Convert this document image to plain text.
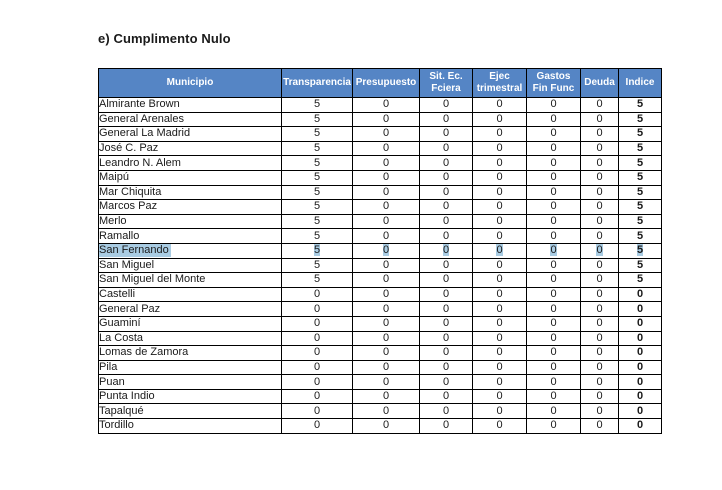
e) Cumplimento Nulo
Municipio	Transparencia	Presupuesto	Sit. Ec. Fciera	Ejec trimestral	Gastos Fin Func	Deuda	Indice
Almirante Brown	5	0	0	0	0	0	5
General Arenales	5	0	0	0	0	0	5
General La Madrid	5	0	0	0	0	0	5
José C. Paz	5	0	0	0	0	0	5
Leandro N. Alem	5	0	0	0	0	0	5
Maipú	5	0	0	0	0	0	5
Mar Chiquita	5	0	0	0	0	0	5
Marcos Paz	5	0	0	0	0	0	5
Merlo	5	0	0	0	0	0	5
Ramallo	5	0	0	0	0	0	5
San Fernando	5	0	0	0	0	0	5
San Miguel	5	0	0	0	0	0	5
San Miguel del Monte	5	0	0	0	0	0	5
Castelli	0	0	0	0	0	0	0
General Paz	0	0	0	0	0	0	0
Guaminí	0	0	0	0	0	0	0
La Costa	0	0	0	0	0	0	0
Lomas de Zamora	0	0	0	0	0	0	0
Pila	0	0	0	0	0	0	0
Puan	0	0	0	0	0	0	0
Punta Indio	0	0	0	0	0	0	0
Tapalqué	0	0	0	0	0	0	0
Tordillo	0	0	0	0	0	0	0
